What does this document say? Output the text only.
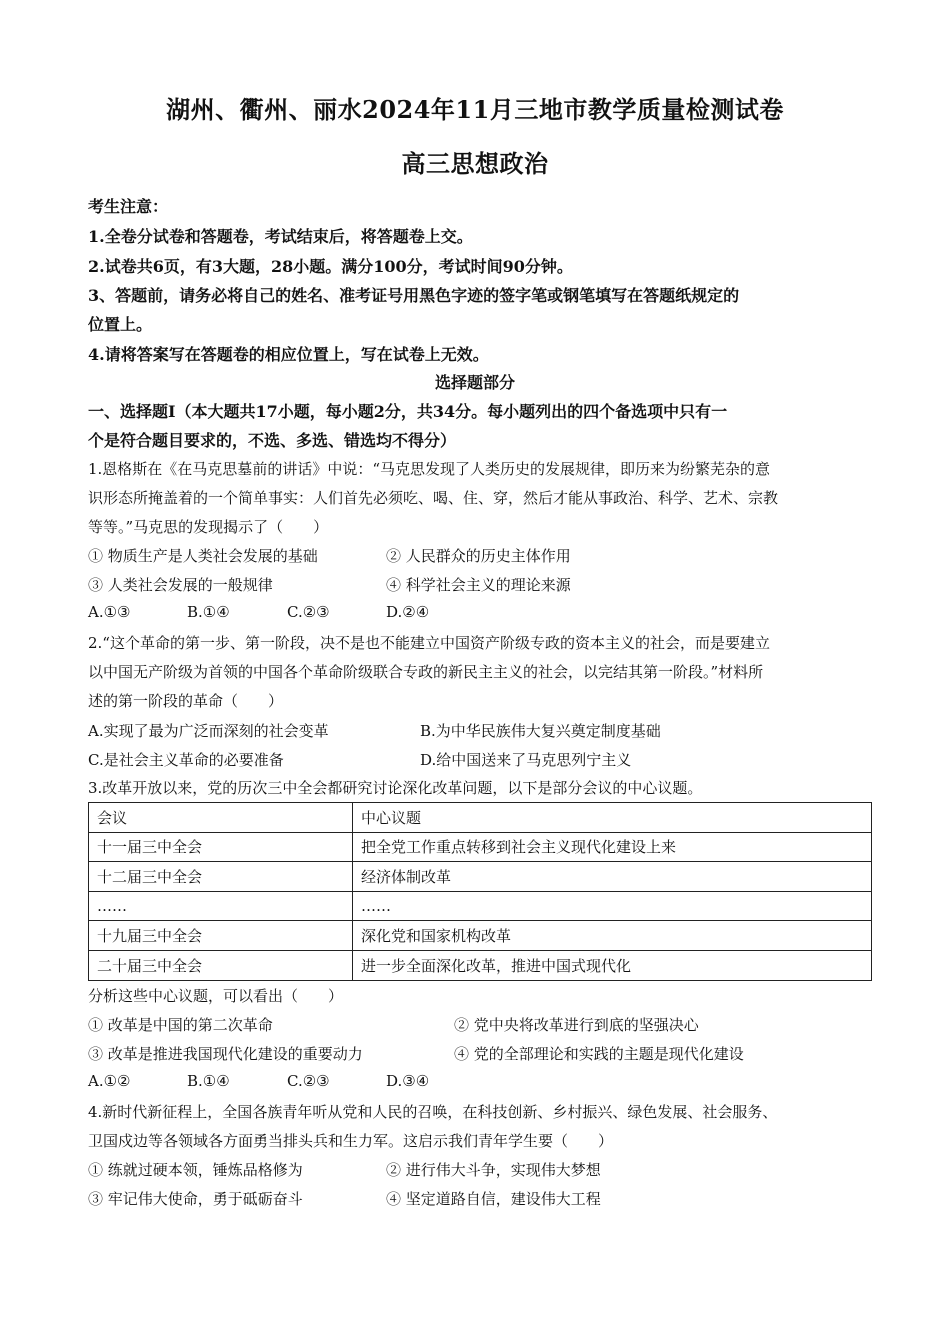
湖州、衢州、丽水2024年11月三地市教学质量检测试卷
高三思想政治
考生注意：
1.全卷分试卷和答题卷，考试结束后，将答题卷上交。
2.试卷共6页，有3大题，28小题。满分100分，考试时间90分钟。
3、答题前，请务必将自己的姓名、准考证号用黑色字迹的签字笔或钢笔填写在答题纸规定的
位置上。
4.请将答案写在答题卷的相应位置上，写在试卷上无效。
选择题部分
一、选择题Ⅰ（本大题共17小题，每小题2分，共34分。每小题列出的四个备选项中只有一
个是符合题目要求的，不选、多选、错选均不得分）
1.恩格斯在《在马克思墓前的讲话》中说：“马克思发现了人类历史的发展规律，即历来为纷繁芜杂的意
识形态所掩盖着的一个简单事实：人们首先必须吃、喝、住、穿，然后才能从事政治、科学、艺术、宗教
等等。”马克思的发现揭示了（　　）
① 物质生产是人类社会发展的基础	② 人民群众的历史主体作用
③ 人类社会发展的一般规律	④ 科学社会主义的理论来源
A.①③	B.①④	C.②③	D.②④
2.“这个革命的第一步、第一阶段，决不是也不能建立中国资产阶级专政的资本主义的社会，而是要建立
以中国无产阶级为首领的中国各个革命阶级联合专政的新民主主义的社会，以完结其第一阶段。”材料所
述的第一阶段的革命（　　）
A.实现了最为广泛而深刻的社会变革	B.为中华民族伟大复兴奠定制度基础
C.是社会主义革命的必要准备	D.给中国送来了马克思列宁主义
3.改革开放以来，党的历次三中全会都研究讨论深化改革问题，以下是部分会议的中心议题。
会议	中心议题
十一届三中全会	把全党工作重点转移到社会主义现代化建设上来
十二届三中全会	经济体制改革
……	……
十九届三中全会	深化党和国家机构改革
二十届三中全会	进一步全面深化改革，推进中国式现代化
分析这些中心议题，可以看出（　　）
① 改革是中国的第二次革命	② 党中央将改革进行到底的坚强决心
③ 改革是推进我国现代化建设的重要动力	④ 党的全部理论和实践的主题是现代化建设
A.①②	B.①④	C.②③	D.③④
4.新时代新征程上，全国各族青年听从党和人民的召唤，在科技创新、乡村振兴、绿色发展、社会服务、
卫国戍边等各领域各方面勇当排头兵和生力军。这启示我们青年学生要（　　）
① 练就过硬本领，锤炼品格修为	② 进行伟大斗争，实现伟大梦想
③ 牢记伟大使命，勇于砥砺奋斗	④ 坚定道路自信，建设伟大工程
